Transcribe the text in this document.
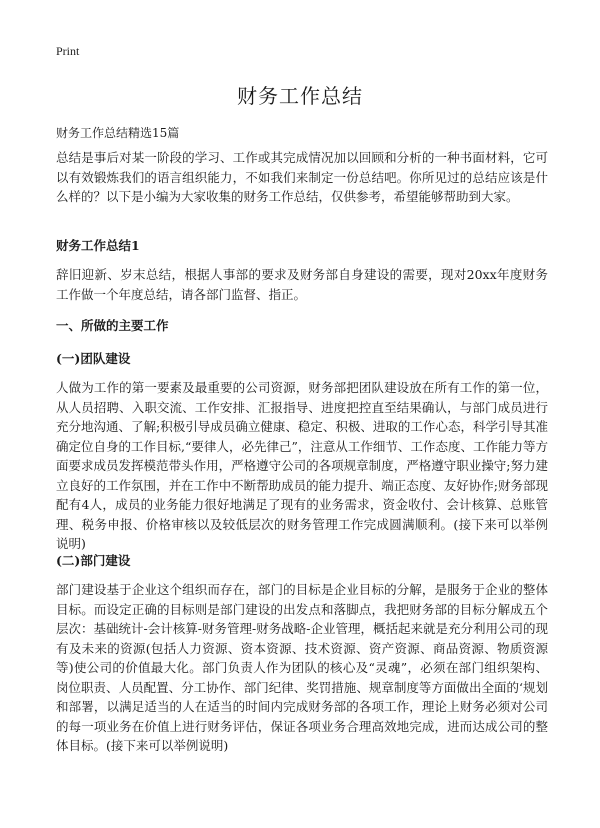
Print
财务工作总结
财务工作总结精选15篇

总结是事后对某一阶段的学习、工作或其完成情况加以回顾和分析的一种书面材料，它可以有效锻炼我们的语言组织能力，不如我们来制定一份总结吧。你所见过的总结应该是什么样的？以下是小编为大家收集的财务工作总结，仅供参考，希望能够帮助到大家。

财务工作总结1

辞旧迎新、岁末总结，根据人事部的要求及财务部自身建设的需要，现对20xx年度财务工作做一个年度总结，请各部门监督、指正。

一、所做的主要工作
(一)团队建设

人做为工作的第一要素及最重要的公司资源，财务部把团队建设放在所有工作的第一位，从人员招聘、入职交流、工作安排、汇报指导、进度把控直至结果确认，与部门成员进行充分地沟通、了解;积极引导成员确立健康、稳定、积极、进取的工作心态，科学引导其准确定位自身的工作目标,“要律人，必先律己”，注意从工作细节、工作态度、工作能力等方面要求成员发挥模范带头作用，严格遵守公司的各项规章制度，严格遵守职业操守;努力建立良好的工作氛围，并在工作中不断帮助成员的能力提升、端正态度、友好协作;财务部现配有4人，成员的业务能力很好地满足了现有的业务需求，资金收付、会计核算、总账管理、税务申报、价格审核以及较低层次的财务管理工作完成圆满顺利。(接下来可以举例说明)

(二)部门建设

部门建设基于企业这个组织而存在，部门的目标是企业目标的分解，是服务于企业的整体目标。而设定正确的目标则是部门建设的出发点和落脚点，我把财务部的目标分解成五个层次：基础统计-会计核算-财务管理-财务战略-企业管理，概括起来就是充分利用公司的现有及未来的资源(包括人力资源、资本资源、技术资源、资产资源、商品资源、物质资源等)使公司的价值最大化。部门负责人作为团队的核心及“灵魂”，必须在部门组织架构、岗位职责、人员配置、分工协作、部门纪律、奖罚措施、规章制度等方面做出全面的‘规划和部署，以满足适当的人在适当的时间内完成财务部的各项工作，理论上财务必须对公司的每一项业务在价值上进行财务评估，保证各项业务合理高效地完成，进而达成公司的整体目标。(接下来可以举例说明)
